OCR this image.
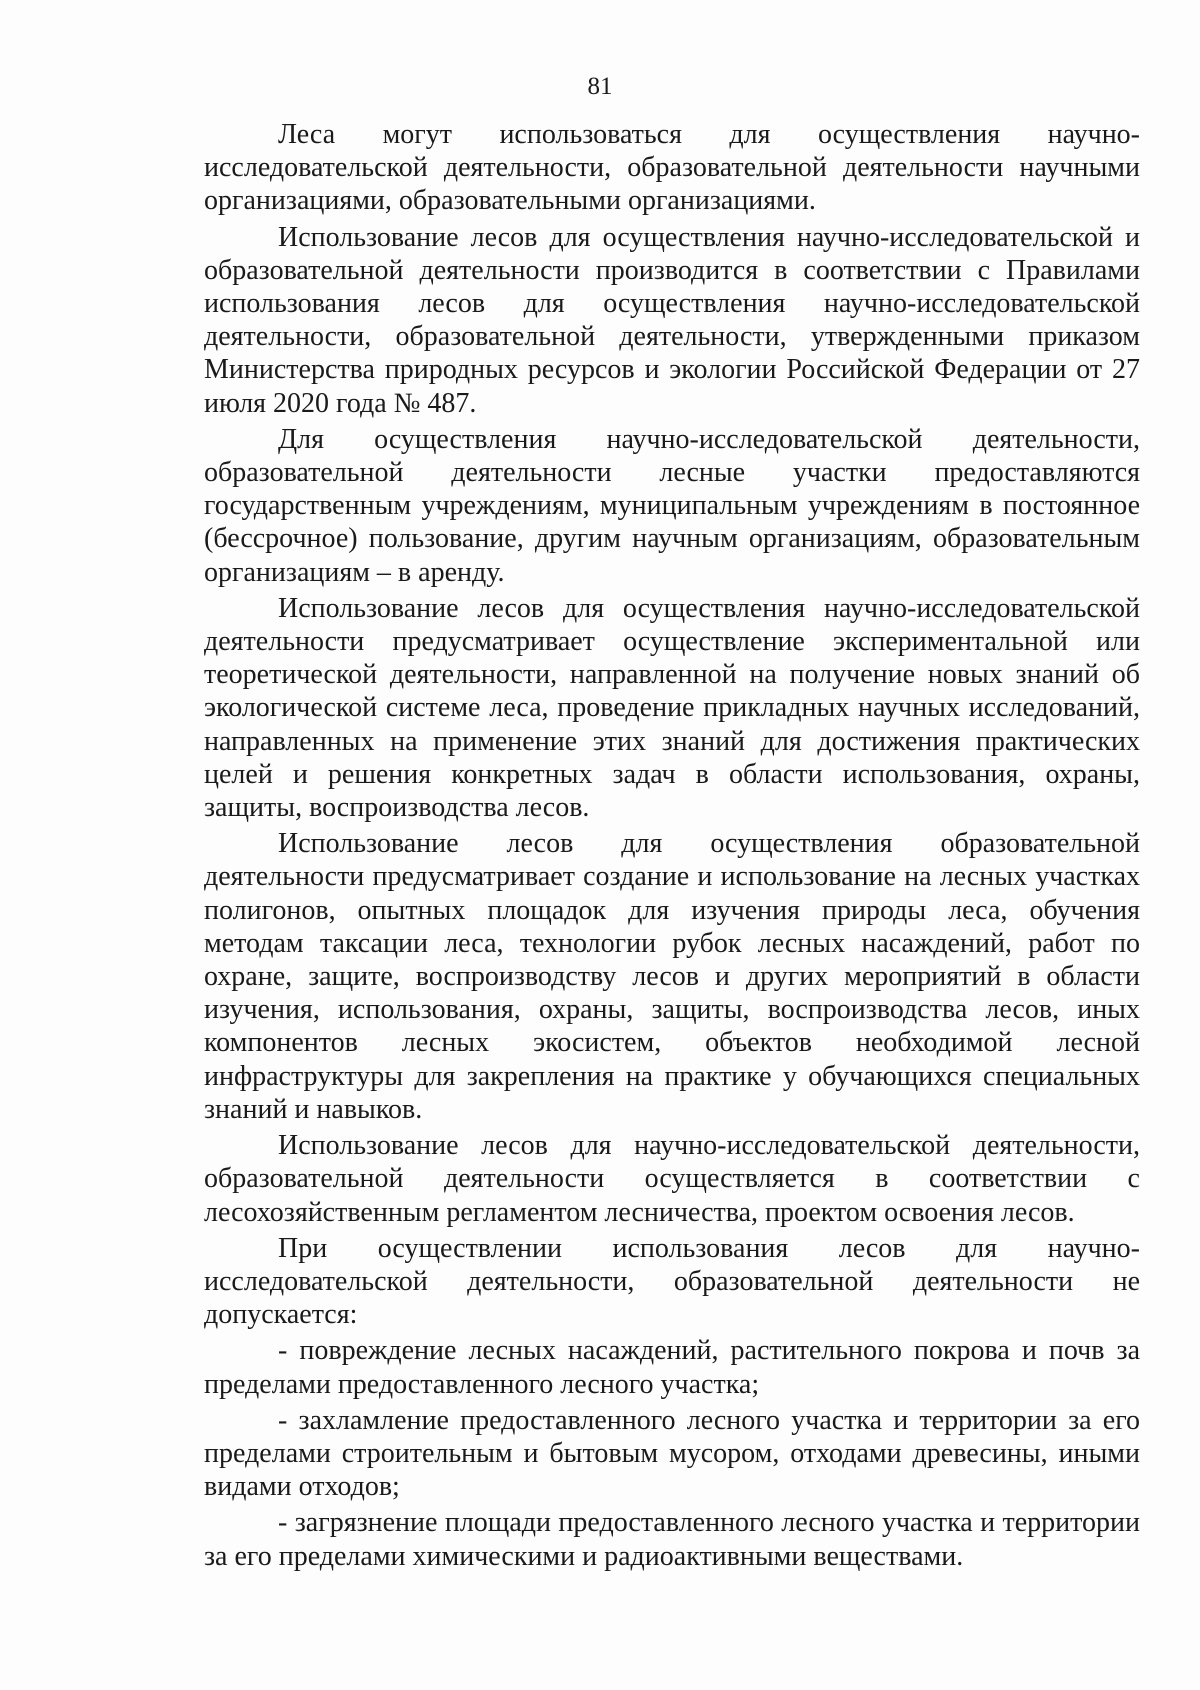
81

Леса могут использоваться для осуществления научно-исследовательской деятельности, образовательной деятельности научными организациями, образовательными организациями.

Использование лесов для осуществления научно-исследовательской и образовательной деятельности производится в соответствии с Правилами использования лесов для осуществления научно-исследовательской деятельности, образовательной деятельности, утвержденными приказом Министерства природных ресурсов и экологии Российской Федерации от 27 июля 2020 года № 487.

Для осуществления научно-исследовательской деятельности, образовательной деятельности лесные участки предоставляются государственным учреждениям, муниципальным учреждениям в постоянное (бессрочное) пользование, другим научным организациям, образовательным организациям – в аренду.

Использование лесов для осуществления научно-исследовательской деятельности предусматривает осуществление экспериментальной или теоретической деятельности, направленной на получение новых знаний об экологической системе леса, проведение прикладных научных исследований, направленных на применение этих знаний для достижения практических целей и решения конкретных задач в области использования, охраны, защиты, воспроизводства лесов.

Использование лесов для осуществления образовательной деятельности предусматривает создание и использование на лесных участках полигонов, опытных площадок для изучения природы леса, обучения методам таксации леса, технологии рубок лесных насаждений, работ по охране, защите, воспроизводству лесов и других мероприятий в области изучения, использования, охраны, защиты, воспроизводства лесов, иных компонентов лесных экосистем, объектов необходимой лесной инфраструктуры для закрепления на практике у обучающихся специальных знаний и навыков.

Использование лесов для научно-исследовательской деятельности, образовательной деятельности осуществляется в соответствии с лесохозяйственным регламентом лесничества, проектом освоения лесов.

При осуществлении использования лесов для научно-исследовательской деятельности, образовательной деятельности не допускается:

- повреждение лесных насаждений, растительного покрова и почв за пределами предоставленного лесного участка;

- захламление предоставленного лесного участка и территории за его пределами строительным и бытовым мусором, отходами древесины, иными видами отходов;

- загрязнение площади предоставленного лесного участка и территории за его пределами химическими и радиоактивными веществами.
